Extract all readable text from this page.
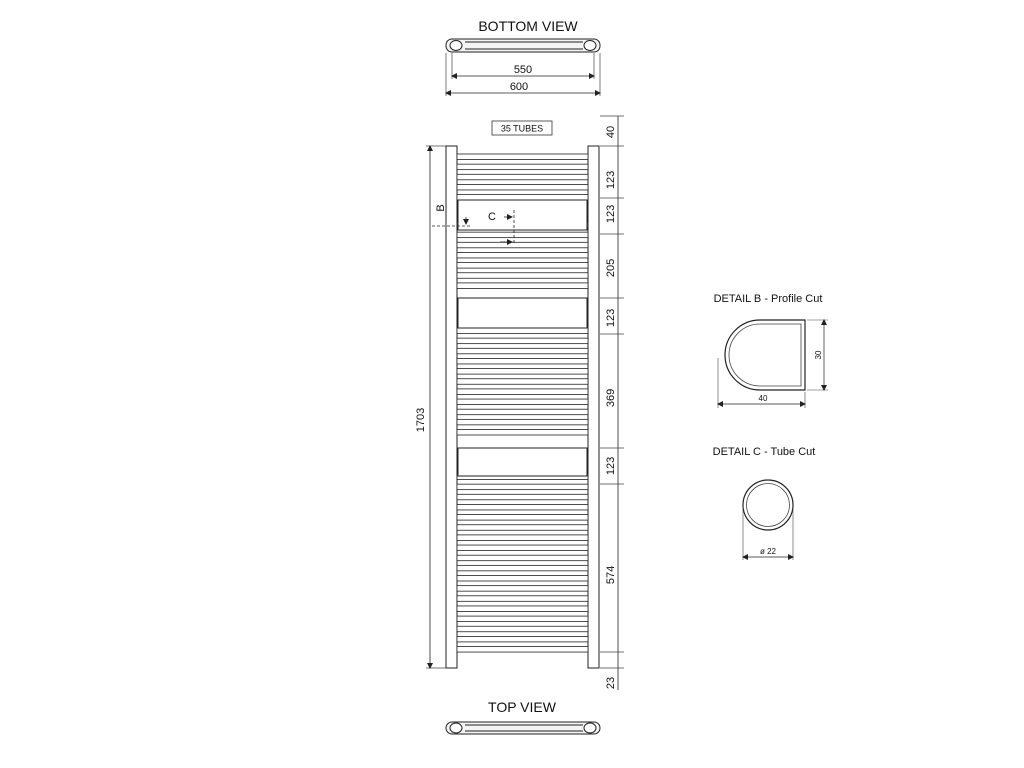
BOTTOM VIEW
550
600
35 TUBES
1703
B
C
40
123
123
205
123
369
123
574
23
TOP VIEW
DETAIL B - Profile Cut
30
40
DETAIL C - Tube Cut
ø 22
